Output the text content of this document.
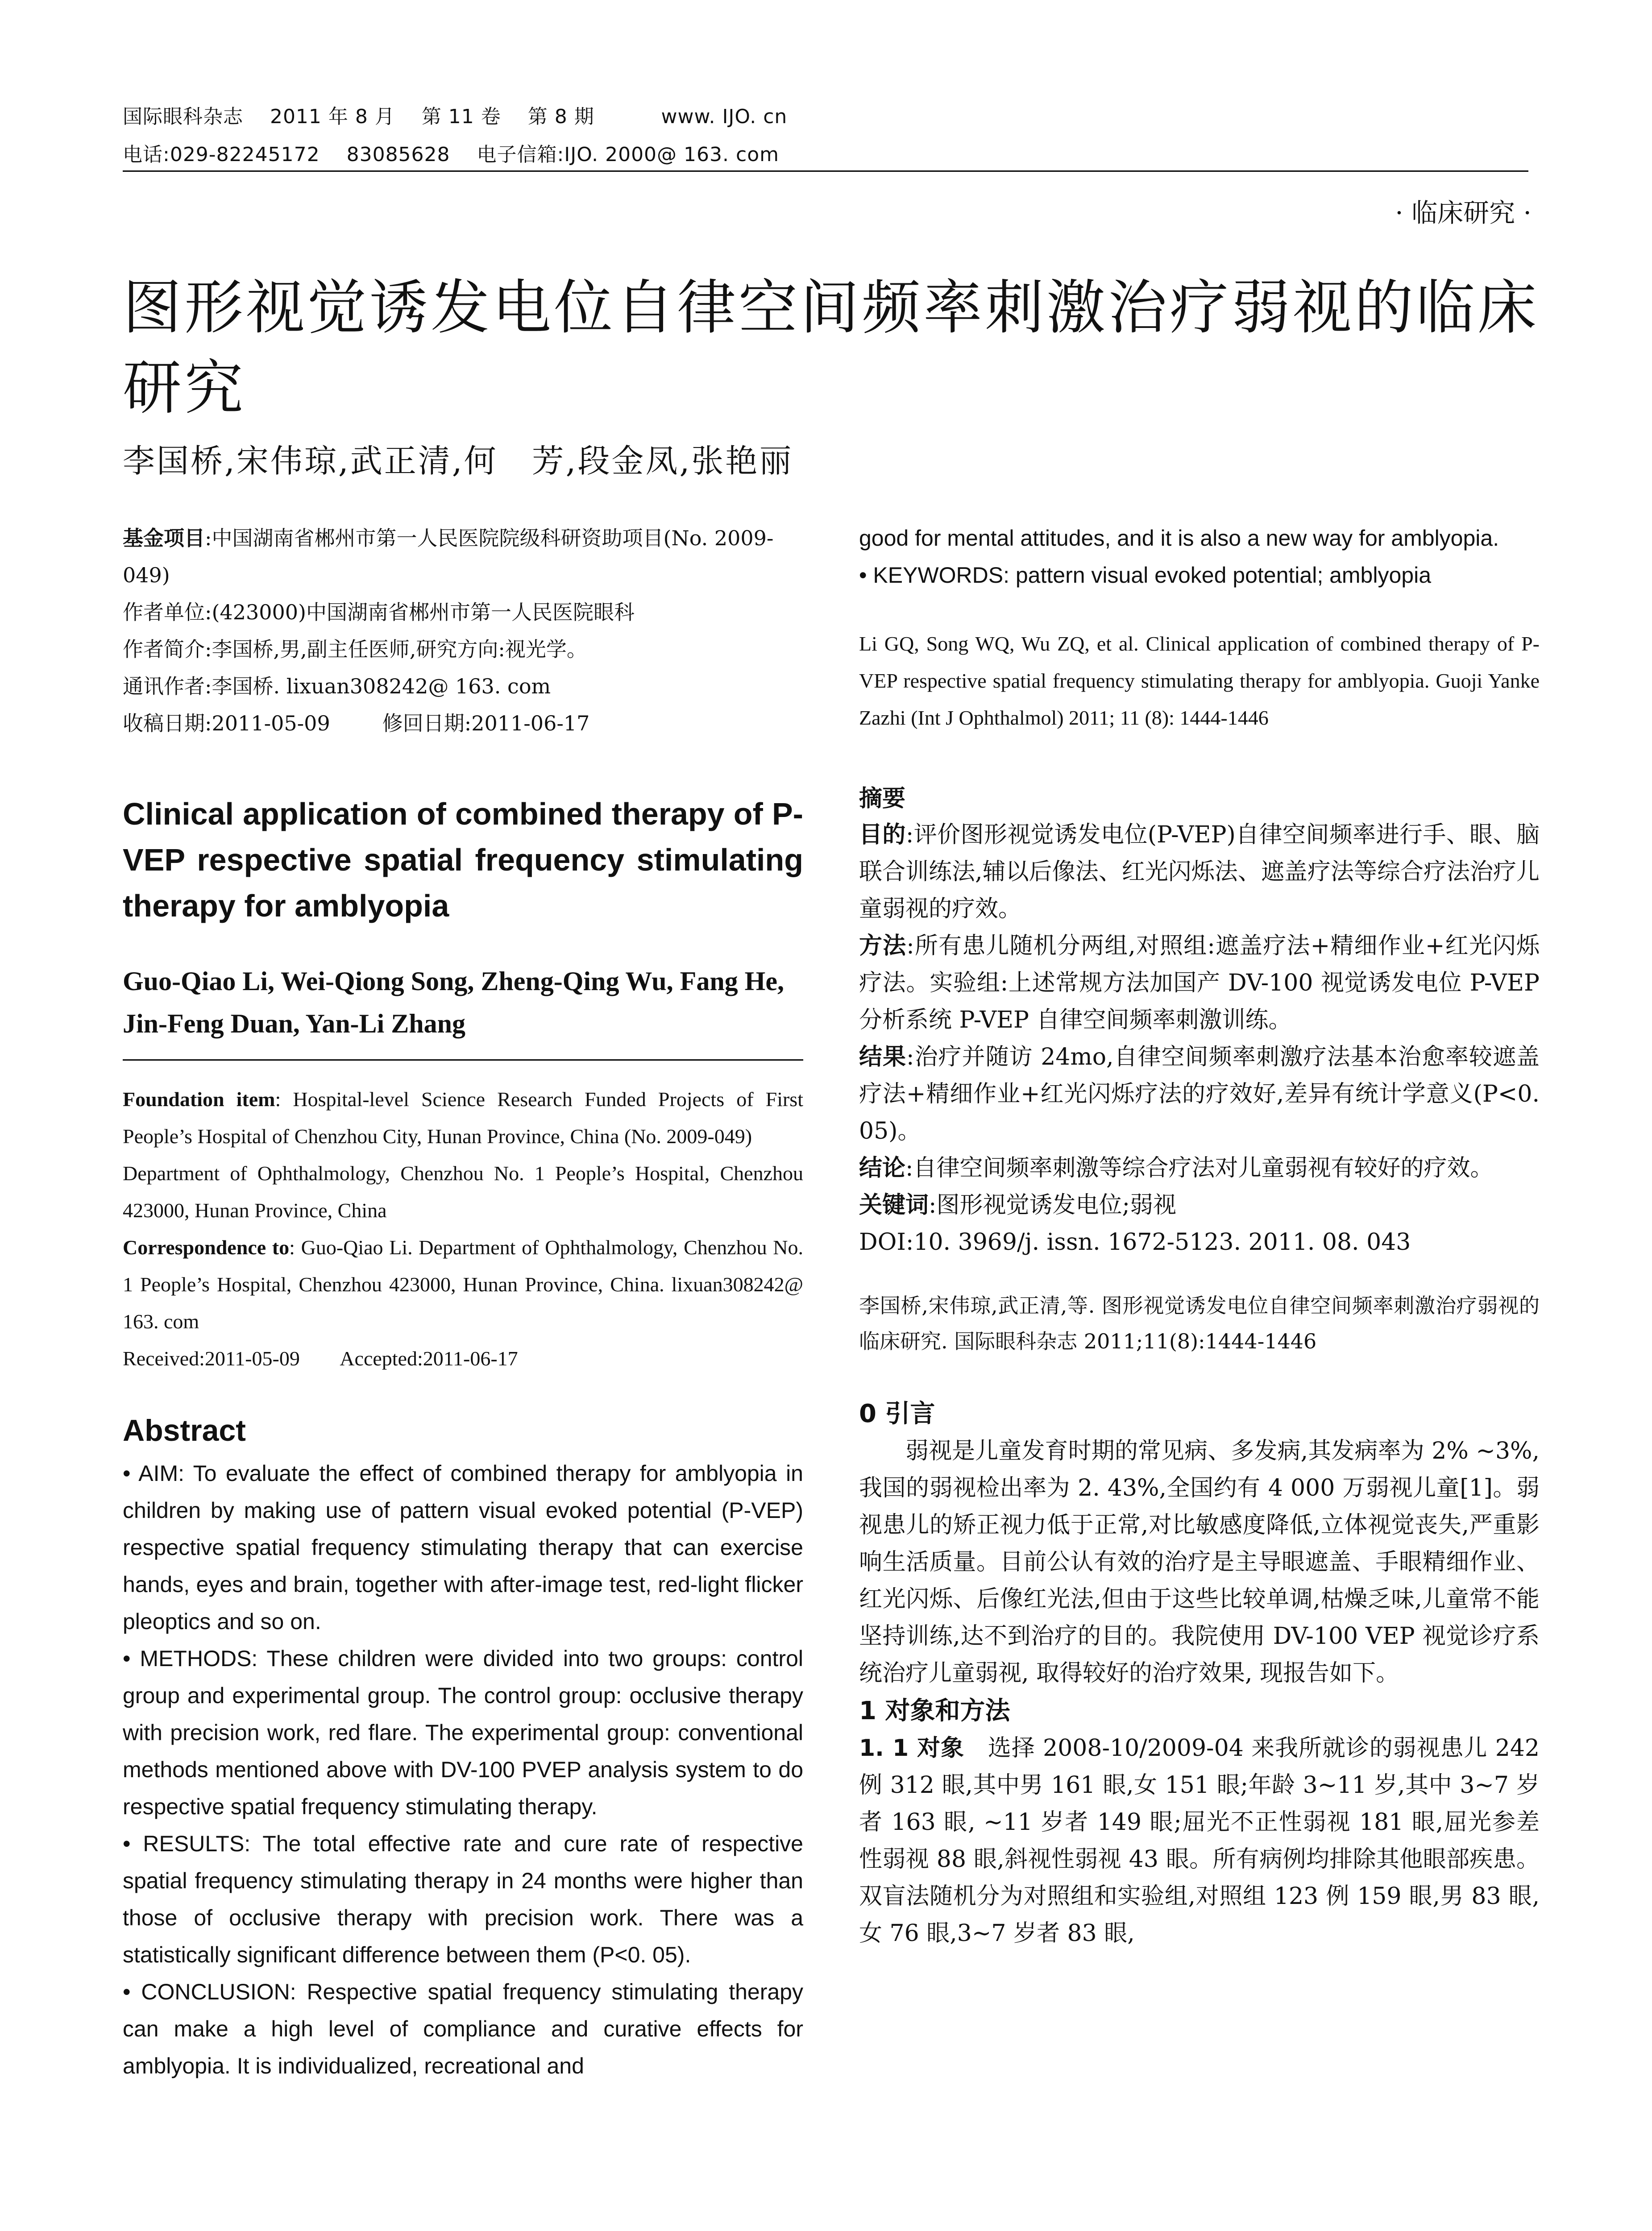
国际眼科杂志    2011 年 8 月    第 11 卷    第 8 期          www. IJO. cn
电话:029-82245172    83085628    电子信箱:IJO. 2000@ 163. com
· 临床研究 ·
图形视觉诱发电位自律空间频率刺激治疗弱视的临床研究
李国桥,宋伟琼,武正清,何　芳,段金凤,张艳丽

基金项目:中国湖南省郴州市第一人民医院院级科研资助项目(No. 2009-049)

作者单位:(423000)中国湖南省郴州市第一人民医院眼科

作者简介:李国桥,男,副主任医师,研究方向:视光学。

通讯作者:李国桥. lixuan308242@ 163. com

收稿日期:2011-05-09        修回日期:2011-06-17

Clinical application of combined therapy of P-VEP respective spatial frequency stimulating therapy for amblyopia
Guo-Qiao Li, Wei-Qiong Song, Zheng-Qing Wu, Fang He, Jin-Feng Duan, Yan-Li Zhang

Foundation item: Hospital-level Science Research Funded Projects of First People’s Hospital of Chenzhou City, Hunan Province, China (No. 2009-049)

Department of Ophthalmology, Chenzhou No. 1 People’s Hospital, Chenzhou 423000, Hunan Province, China

Correspondence to: Guo-Qiao Li. Department of Ophthalmology, Chenzhou No. 1 People’s Hospital, Chenzhou 423000, Hunan Province, China. lixuan308242@ 163. com

Received:2011-05-09        Accepted:2011-06-17

Abstract

• AIM: To evaluate the effect of combined therapy for amblyopia in children by making use of pattern visual evoked potential (P-VEP) respective spatial frequency stimulating therapy that can exercise hands, eyes and brain, together with after-image test, red-light flicker pleoptics and so on.

• METHODS: These children were divided into two groups: control group and experimental group. The control group: occlusive therapy with precision work, red flare. The experimental group: conventional methods mentioned above with DV-100 PVEP analysis system to do respective spatial frequency stimulating therapy.

• RESULTS: The total effective rate and cure rate of respective spatial frequency stimulating therapy in 24 months were higher than those of occlusive therapy with precision work. There was a statistically significant difference between them (P<0. 05).

• CONCLUSION: Respective spatial frequency stimulating therapy can make a high level of compliance and curative effects for amblyopia. It is individualized, recreational and

good for mental attitudes, and it is also a new way for amblyopia.

• KEYWORDS: pattern visual evoked potential; amblyopia

Li GQ, Song WQ, Wu ZQ, et al. Clinical application of combined therapy of P-VEP respective spatial frequency stimulating therapy for amblyopia. Guoji Yanke Zazhi (Int J Ophthalmol) 2011; 11 (8): 1444-1446

摘要

目的:评价图形视觉诱发电位(P-VEP)自律空间频率进行手、眼、脑联合训练法,辅以后像法、红光闪烁法、遮盖疗法等综合疗法治疗儿童弱视的疗效。

方法:所有患儿随机分两组,对照组:遮盖疗法+精细作业+红光闪烁疗法。实验组:上述常规方法加国产 DV-100 视觉诱发电位 P-VEP 分析系统 P-VEP 自律空间频率刺激训练。

结果:治疗并随访 24mo,自律空间频率刺激疗法基本治愈率较遮盖疗法+精细作业+红光闪烁疗法的疗效好,差异有统计学意义(P<0. 05)。

结论:自律空间频率刺激等综合疗法对儿童弱视有较好的疗效。

关键词:图形视觉诱发电位;弱视

DOI:10. 3969/j. issn. 1672-5123. 2011. 08. 043

李国桥,宋伟琼,武正清,等. 图形视觉诱发电位自律空间频率刺激治疗弱视的临床研究. 国际眼科杂志 2011;11(8):1444-1446

0 引言

弱视是儿童发育时期的常见病、多发病,其发病率为 2% ~3%,我国的弱视检出率为 2. 43%,全国约有 4 000 万弱视儿童[1]。弱视患儿的矫正视力低于正常,对比敏感度降低,立体视觉丧失,严重影响生活质量。目前公认有效的治疗是主导眼遮盖、手眼精细作业、红光闪烁、后像红光法,但由于这些比较单调,枯燥乏味,儿童常不能坚持训练,达不到治疗的目的。我院使用 DV-100 VEP 视觉诊疗系统治疗儿童弱视, 取得较好的治疗效果, 现报告如下。

1 对象和方法

1. 1 对象　 选择 2008-10/2009-04 来我所就诊的弱视患儿 242 例 312 眼,其中男 161 眼,女 151 眼;年龄 3~11 岁,其中 3~7 岁者 163 眼, ~11 岁者 149 眼;屈光不正性弱视 181 眼,屈光参差性弱视 88 眼,斜视性弱视 43 眼。所有病例均排除其他眼部疾患。双盲法随机分为对照组和实验组,对照组 123 例 159 眼,男 83 眼,女 76 眼,3~7 岁者 83 眼,
